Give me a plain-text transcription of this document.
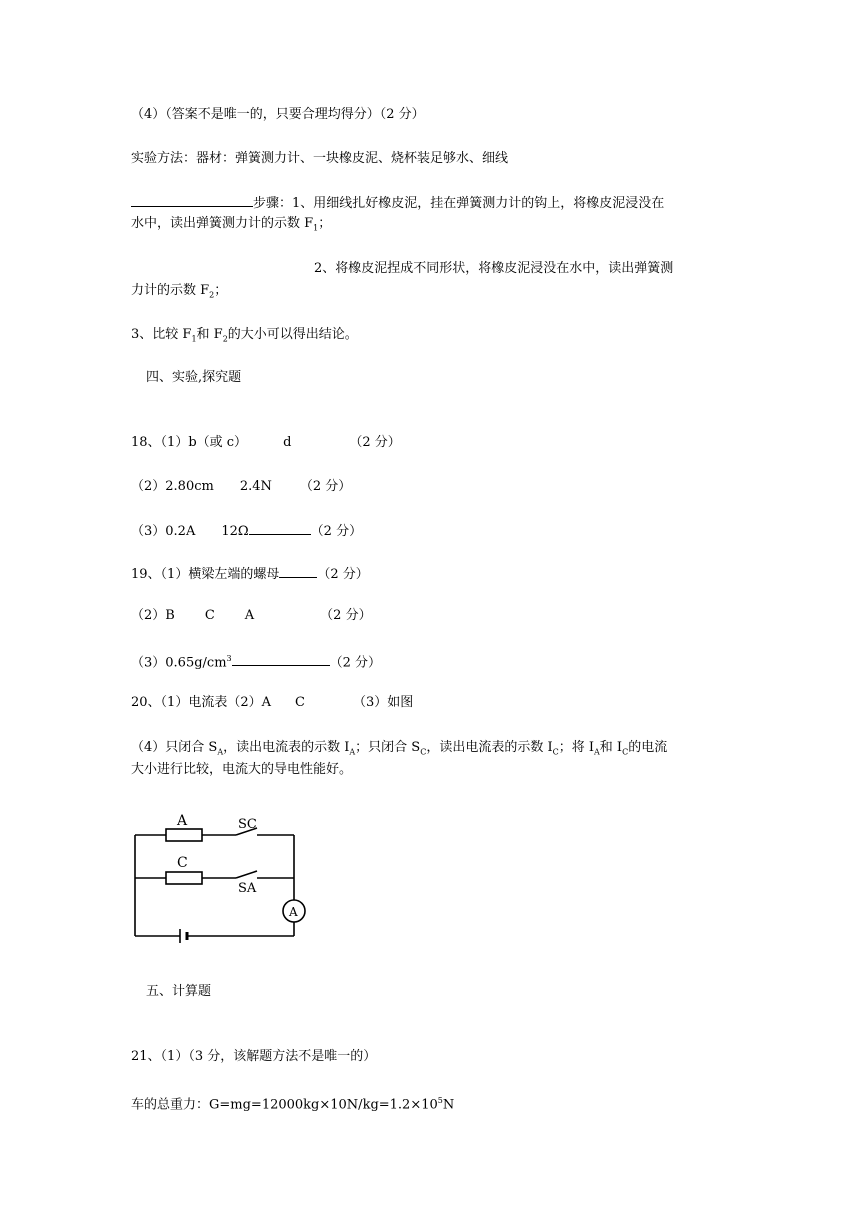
（4）（答案不是唯一的，只要合理均得分）（2 分）
实验方法：器材：弹簧测力计、一块橡皮泥、烧杯装足够水、细线
步骤：1、用细线扎好橡皮泥，挂在弹簧测力计的钩上，将橡皮泥浸没在
水中，读出弹簧测力计的示数 $F_1$；
2、将橡皮泥捏成不同形状，将橡皮泥浸没在水中，读出弹簧测
力计的示数 $F_2$；
3、比较 $F_1$和 $F_2$的大小可以得出结论。
四、实验,探究题
18、（1）b（或 c）	d	（2 分）
（2）2.80cm 2.4N （2 分）
（3）0.2A 12Ω	（2 分）
19、（1）横梁左端的螺母	（2 分）
（2）B C A	（2 分）
$(3)0.65g/cm^3$	（2 分）
20、（1）电流表（2）A C	（3）如图
（4）只闭合 $S_A$，读出电流表的示数 $I_A$；只闭合 $S_C$，读出电流表的示数 $I_C$；将 $I_A$和 $I_C$的电流
大小进行比较，电流大的导电性能好。
A
C
SC
SA
A
五、计算题
21、（1）（3 分，该解题方法不是唯一的）
车的总重力：$G=mg=12000kg\times 10N/kg=1.2\times 10^5N$
